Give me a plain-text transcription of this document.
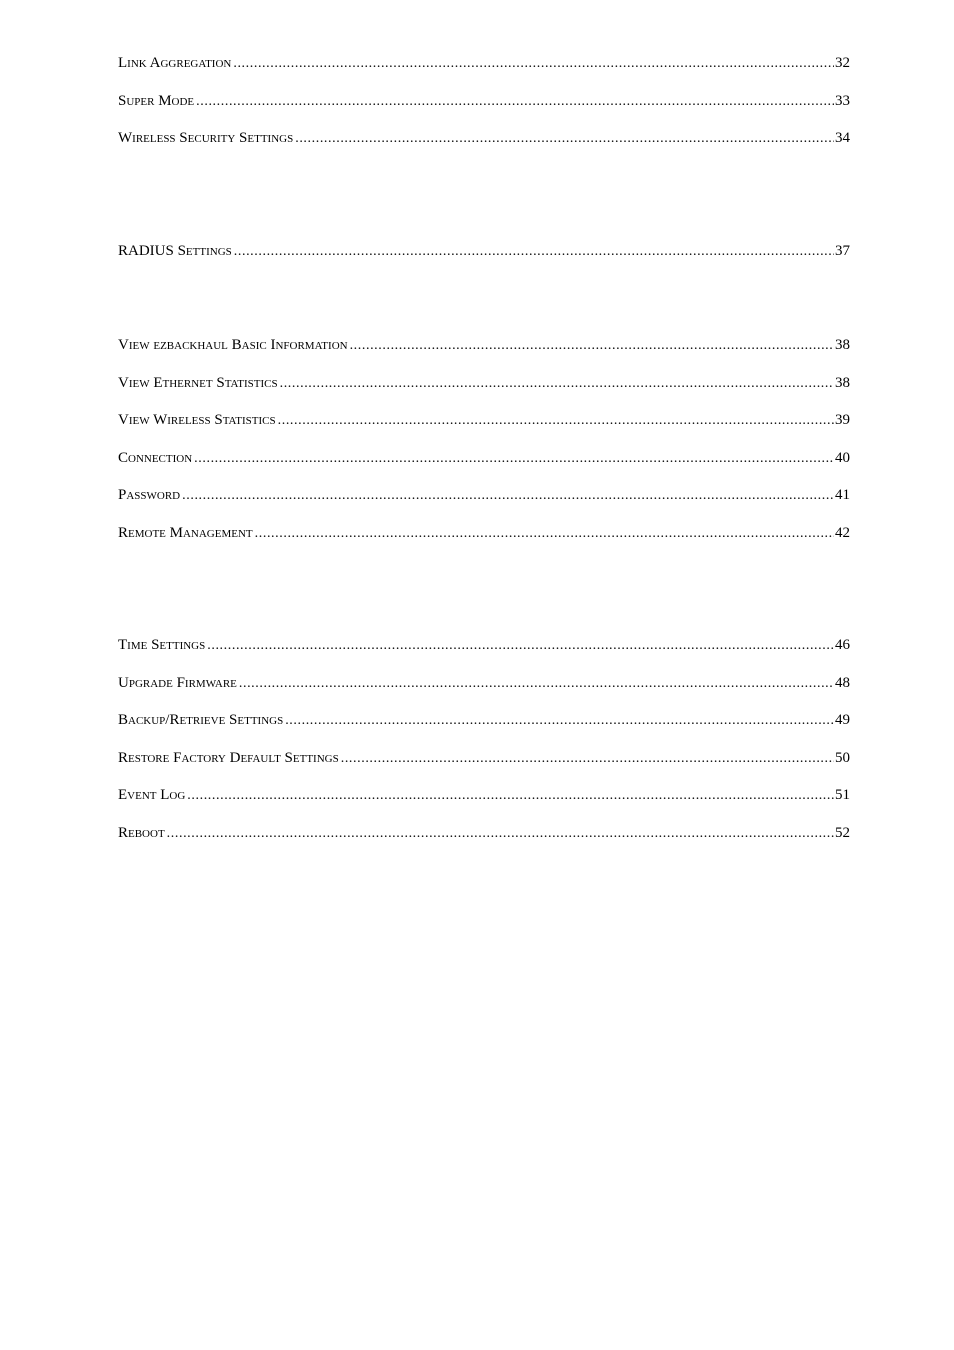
Link Aggregation .....	32
Super Mode .....	33
Wireless Security Settings .....	34
RADIUS Settings .....	37
View ezbackhaul Basic Information .....	38
View Ethernet Statistics .....	38
View Wireless Statistics .....	39
Connection .....	40
Password .....	41
Remote Management .....	42
Time Settings .....	46
Upgrade Firmware .....	48
Backup/Retrieve Settings .....	49
Restore Factory Default Settings .....	50
Event Log .....	51
Reboot .....	52
